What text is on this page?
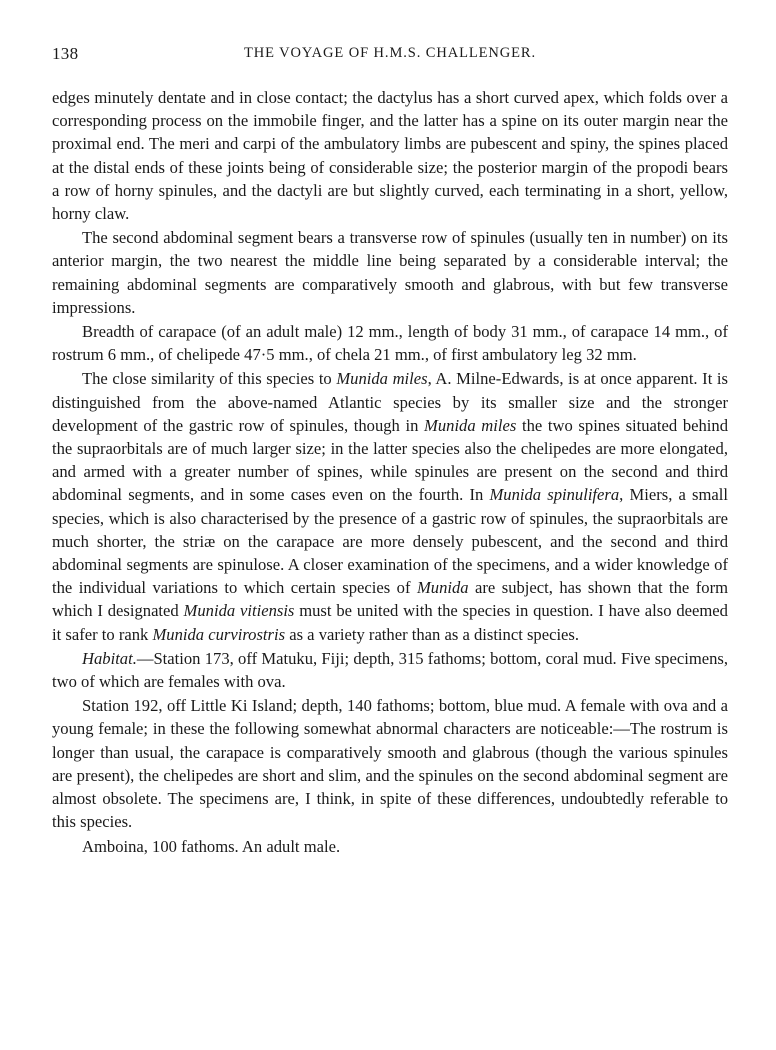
138	THE VOYAGE OF H.M.S. CHALLENGER.

edges minutely dentate and in close contact; the dactylus has a short curved apex, which folds over a corresponding process on the immobile finger, and the latter has a spine on its outer margin near the proximal end. The meri and carpi of the ambulatory limbs are pubescent and spiny, the spines placed at the distal ends of these joints being of considerable size; the posterior margin of the propodi bears a row of horny spinules, and the dactyli are but slightly curved, each terminating in a short, yellow, horny claw.

The second abdominal segment bears a transverse row of spinules (usually ten in number) on its anterior margin, the two nearest the middle line being separated by a considerable interval; the remaining abdominal segments are comparatively smooth and glabrous, with but few transverse impressions.

Breadth of carapace (of an adult male) 12 mm., length of body 31 mm., of carapace 14 mm., of rostrum 6 mm., of chelipede 47·5 mm., of chela 21 mm., of first ambulatory leg 32 mm.

The close similarity of this species to Munida miles, A. Milne-Edwards, is at once apparent. It is distinguished from the above-named Atlantic species by its smaller size and the stronger development of the gastric row of spinules, though in Munida miles the two spines situated behind the supraorbitals are of much larger size; in the latter species also the chelipedes are more elongated, and armed with a greater number of spines, while spinules are present on the second and third abdominal segments, and in some cases even on the fourth. In Munida spinulifera, Miers, a small species, which is also characterised by the presence of a gastric row of spinules, the supraorbitals are much shorter, the striæ on the carapace are more densely pubescent, and the second and third abdominal segments are spinulose. A closer examination of the specimens, and a wider knowledge of the individual variations to which certain species of Munida are subject, has shown that the form which I designated Munida vitiensis must be united with the species in question. I have also deemed it safer to rank Munida curvirostris as a variety rather than as a distinct species.

Habitat.—Station 173, off Matuku, Fiji; depth, 315 fathoms; bottom, coral mud. Five specimens, two of which are females with ova.

Station 192, off Little Ki Island; depth, 140 fathoms; bottom, blue mud. A female with ova and a young female; in these the following somewhat abnormal characters are noticeable:—The rostrum is longer than usual, the carapace is comparatively smooth and glabrous (though the various spinules are present), the chelipedes are short and slim, and the spinules on the second abdominal segment are almost obsolete. The specimens are, I think, in spite of these differences, undoubtedly referable to this species.

Amboina, 100 fathoms. An adult male.
